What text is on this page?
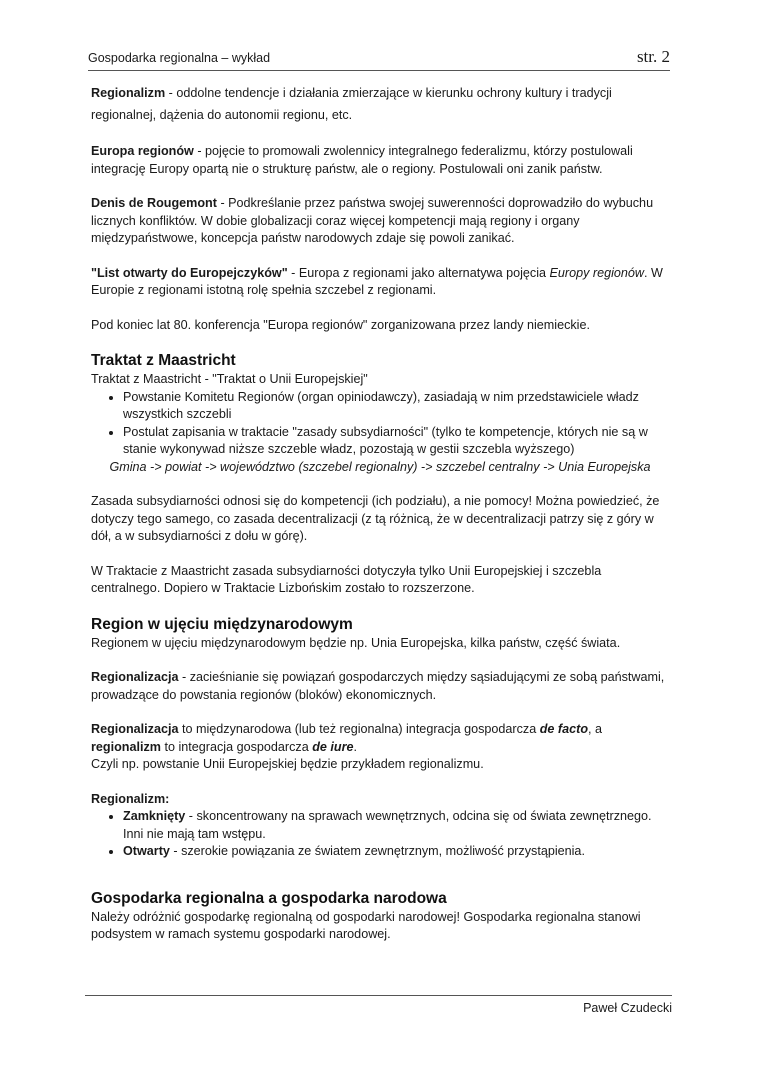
Gospodarka regionalna – wykład	str. 2

Regionalizm - oddolne tendencje i działania zmierzające w kierunku ochrony kultury i tradycji
regionalnej, dążenia do autonomii regionu, etc.

Europa regionów - pojęcie to promowali zwolennicy integralnego federalizmu, którzy postulowali
integrację Europy opartą nie o strukturę państw, ale o regiony. Postulowali oni zanik państw.

Denis de Rougemont - Podkreślanie przez państwa swojej suwerenności doprowadziło do wybuchu
licznych konfliktów. W dobie globalizacji coraz więcej kompetencji mają regiony i organy
międzypaństwowe, koncepcja państw narodowych zdaje się powoli zanikać.

"List otwarty do Europejczyków" - Europa z regionami jako alternatywa pojęcia Europy regionów. W
Europie z regionami istotną rolę spełnia szczebel z regionami.

Pod koniec lat 80. konferencja "Europa regionów" zorganizowana przez landy niemieckie.

Traktat z Maastricht

Traktat z Maastricht - "Traktat o Unii Europejskiej"

• Powstanie Komitetu Regionów (organ opiniodawczy), zasiadają w nim przedstawiciele władz
wszystkich szczebli
• Postulat zapisania w traktacie "zasady subsydiarności" (tylko te kompetencje, których nie są w
stanie wykonywad niższe szczeble władz, pozostają w gestii szczebla wyższego)

Gmina -> powiat -> województwo (szczebel regionalny) -> szczebel centralny -> Unia Europejska

Zasada subsydiarności odnosi się do kompetencji (ich podziału), a nie pomocy! Można powiedzieć, że
dotyczy tego samego, co zasada decentralizacji (z tą różnicą, że w decentralizacji patrzy się z góry w
dół, a w subsydiarności z dołu w górę).

W Traktacie z Maastricht zasada subsydiarności dotyczyła tylko Unii Europejskiej i szczebla
centralnego. Dopiero w Traktacie Lizbońskim zostało to rozszerzone.

Region w ujęciu międzynarodowym

Regionem w ujęciu międzynarodowym będzie np. Unia Europejska, kilka państw, część świata.

Regionalizacja - zacieśnianie się powiązań gospodarczych między sąsiadującymi ze sobą państwami,
prowadzące do powstania regionów (bloków) ekonomicznych.

Regionalizacja to międzynarodowa (lub też regionalna) integracja gospodarcza de facto, a
regionalizm to integracja gospodarcza de iure.
Czyli np. powstanie Unii Europejskiej będzie przykładem regionalizmu.

Regionalizm:

• Zamknięty - skoncentrowany na sprawach wewnętrznych, odcina się od świata zewnętrznego.
Inni nie mają tam wstępu.
• Otwarty - szerokie powiązania ze światem zewnętrznym, możliwość przystąpienia.
Gospodarka regionalna a gospodarka narodowa

Należy odróżnić gospodarkę regionalną od gospodarki narodowej! Gospodarka regionalna stanowi
podsystem w ramach systemu gospodarki narodowej.

Paweł Czudecki
